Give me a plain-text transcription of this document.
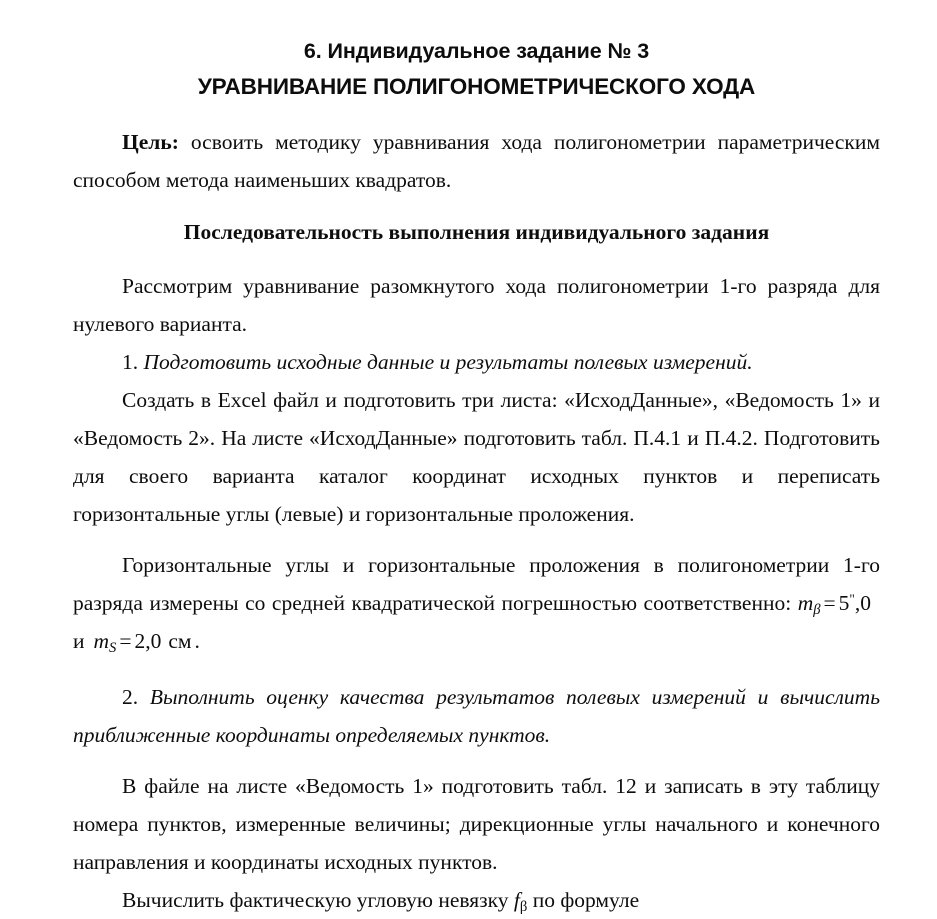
6. Индивидуальное задание № 3
УРАВНИВАНИЕ ПОЛИГОНОМЕТРИЧЕСКОГО ХОДА

Цель: освоить методику уравнивания хода полигонометрии параметрическим способом метода наименьших квадратов.

Последовательность выполнения индивидуального задания

Рассмотрим уравнивание разомкнутого хода полигонометрии 1-го разряда для нулевого варианта.

1. Подготовить исходные данные и результаты полевых измерений.

Создать в Excel файл и подготовить три листа: «ИсходДанные», «Ведомость 1» и «Ведомость 2». На листе «ИсходДанные» подготовить табл. П.4.1 и П.4.2. Подготовить для своего варианта каталог координат исходных пунктов и переписать горизонтальные углы (левые) и горизонтальные проложения.

Горизонтальные углы и горизонтальные проложения в полигонометрии 1-го разряда измерены со средней квадратической погрешностью соответственно: $m_\beta = 5^",0и$ $m_S = 2,0$ см .

2. Выполнить оценку качества результатов полевых измерений и вычислить приближенные координаты определяемых пунктов.

В файле на листе «Ведомость 1» подготовить табл. 12 и записать в эту таблицу номера пунктов, измеренные величины; дирекционные углы начального и конечного направления и координаты исходных пунктов.

Вычислить фактическую угловую невязку $f_\beta$ по формуле
